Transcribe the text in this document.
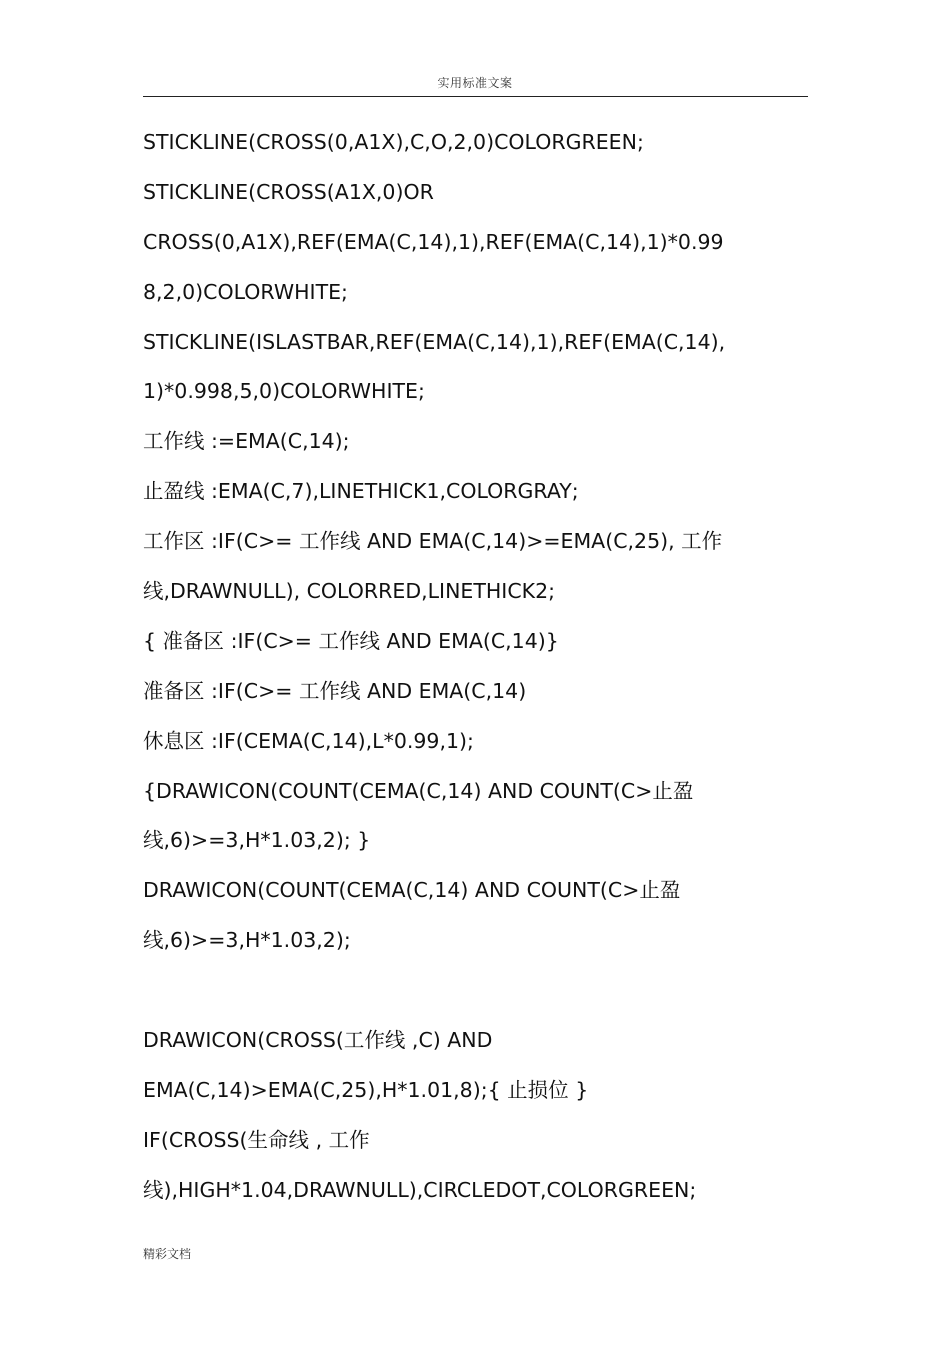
实用标准文案
STICKLINE(CROSS(0,A1X),C,O,2,0)COLORGREEN;
STICKLINE(CROSS(A1X,0)OR
CROSS(0,A1X),REF(EMA(C,14),1),REF(EMA(C,14),1)*0.99
8,2,0)COLORWHITE;
STICKLINE(ISLASTBAR,REF(EMA(C,14),1),REF(EMA(C,14),
1)*0.998,5,0)COLORWHITE;
工作线 :=EMA(C,14);
止盈线 :EMA(C,7),LINETHICK1,COLORGRAY;
工作区 :IF(C>= 工作线 AND EMA(C,14)>=EMA(C,25), 工作
线,DRAWNULL), COLORRED,LINETHICK2;
{ 准备区 :IF(C>= 工作线 AND EMA(C,14)}
准备区 :IF(C>= 工作线 AND EMA(C,14)
休息区 :IF(CEMA(C,14),L*0.99,1);
{DRAWICON(COUNT(CEMA(C,14) AND COUNT(C>止盈
线,6)>=3,H*1.03,2); }
DRAWICON(COUNT(CEMA(C,14) AND COUNT(C>止盈
线,6)>=3,H*1.03,2);
DRAWICON(CROSS(工作线 ,C) AND
EMA(C,14)>EMA(C,25),H*1.01,8);{ 止损位 }
IF(CROSS(生命线 , 工作
线),HIGH*1.04,DRAWNULL),CIRCLEDOT,COLORGREEN;
精彩文档
